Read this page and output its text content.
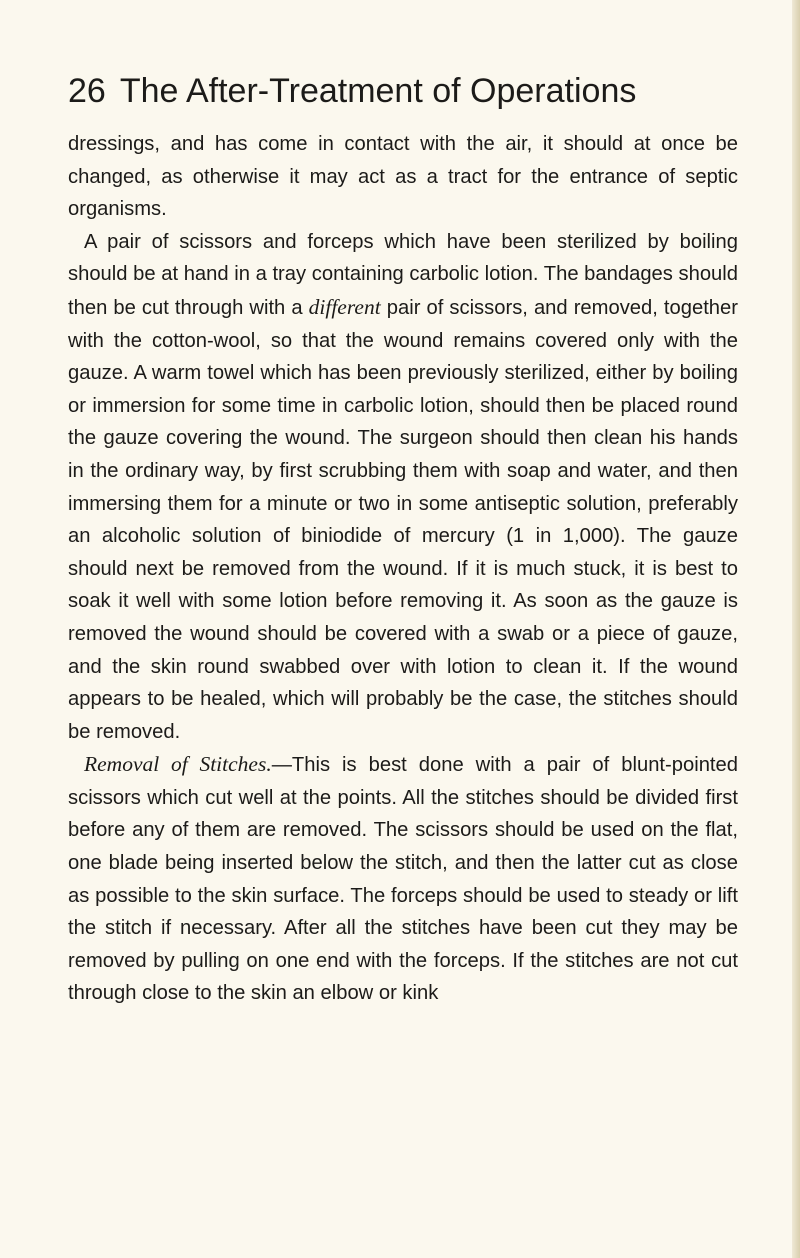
26 The After-Treatment of Operations

dressings, and has come in contact with the air, it should at once be changed, as otherwise it may act as a tract for the entrance of septic organisms.

A pair of scissors and forceps which have been sterilized by boiling should be at hand in a tray containing carbolic lotion. The bandages should then be cut through with a different pair of scissors, and removed, together with the cotton-wool, so that the wound remains covered only with the gauze. A warm towel which has been previously sterilized, either by boiling or immersion for some time in carbolic lotion, should then be placed round the gauze covering the wound. The surgeon should then clean his hands in the ordinary way, by first scrubbing them with soap and water, and then immersing them for a minute or two in some antiseptic solution, preferably an alcoholic solution of biniodide of mercury (1 in 1,000). The gauze should next be removed from the wound. If it is much stuck, it is best to soak it well with some lotion before removing it. As soon as the gauze is removed the wound should be covered with a swab or a piece of gauze, and the skin round swabbed over with lotion to clean it. If the wound appears to be healed, which will probably be the case, the stitches should be removed.

Removal of Stitches.—This is best done with a pair of blunt-pointed scissors which cut well at the points. All the stitches should be divided first before any of them are removed. The scissors should be used on the flat, one blade being inserted below the stitch, and then the latter cut as close as possible to the skin surface. The forceps should be used to steady or lift the stitch if necessary. After all the stitches have been cut they may be removed by pulling on one end with the forceps. If the stitches are not cut through close to the skin an elbow or kink
